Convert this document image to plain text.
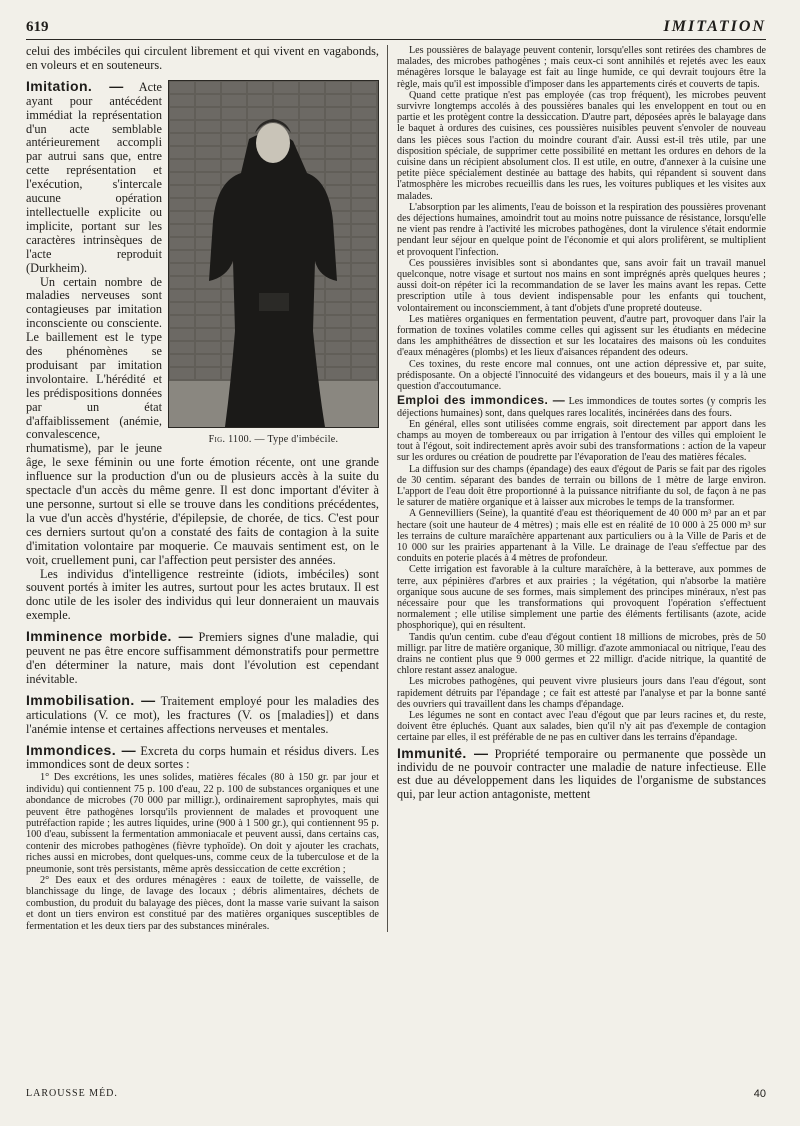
619	IMITATION

celui des imbéciles qui circulent librement et qui vivent en vagabonds, en voleurs et en souteneurs.

Fig. 1100. — Type d'imbécile.

Imitation. — Acte ayant pour antécédent immédiat la représentation d'un acte semblable antérieurement accompli par autrui sans que, entre cette représentation et l'exécution, s'intercale aucune opération intellectuelle explicite ou implicite, portant sur les caractères intrinsèques de l'acte reproduit (Durkheim).

Un certain nombre de maladies nerveuses sont contagieuses par imitation inconsciente ou consciente. Le baillement est le type des phénomènes se produisant par imitation involontaire. L'hérédité et les prédispositions données par un état d'affaiblissement (anémie, convalescence, rhumatisme), par le jeune âge, le sexe féminin ou une forte émotion récente, ont une grande influence sur la production d'un ou de plusieurs accès à la suite du spectacle d'un accès du même genre. Il est donc important d'éviter à une personne, surtout si elle se trouve dans les conditions précédentes, la vue d'un accès d'hystérie, d'épilepsie, de chorée, de tics. C'est pour ces derniers surtout qu'on a constaté des faits de contagion à la suite d'imitation volontaire par moquerie. Ce mauvais sentiment est, on le voit, cruellement puni, car l'affection peut persister des années.

Les individus d'intelligence restreinte (idiots, imbéciles) sont souvent portés à imiter les autres, surtout pour les actes brutaux. Il est donc utile de les isoler des individus qui leur donneraient un mauvais exemple.

Imminence morbide. — Premiers signes d'une maladie, qui peuvent ne pas être encore suffisamment démonstratifs pour permettre d'en déterminer la nature, mais dont l'évolution est cependant inévitable.

Immobilisation. — Traitement employé pour les maladies des articulations (V. ce mot), les fractures (V. os [maladies]) et dans l'anémie intense et certaines affections nerveuses et mentales.

Immondices. — Excreta du corps humain et résidus divers. Les immondices sont de deux sortes :

1° Des excrétions, les unes solides, matières fécales (80 à 150 gr. par jour et individu) qui contiennent 75 p. 100 d'eau, 22 p. 100 de substances organiques et une abondance de microbes (70 000 par milligr.), ordinairement saprophytes, mais qui peuvent être pathogènes lorsqu'ils proviennent de malades et provoquent une putréfaction rapide ; les autres liquides, urine (900 à 1 500 gr.), qui contiennent 95 p. 100 d'eau, subissent la fermentation ammoniacale et peuvent aussi, dans certains cas, contenir des microbes pathogènes (fièvre typhoïde). On doit y ajouter les crachats, riches aussi en microbes, dont quelques-uns, comme ceux de la tuberculose et de la pneumonie, sont très persistants, même après dessiccation de cette excrétion ;

2° Des eaux et des ordures ménagères : eaux de toilette, de vaisselle, de blanchissage du linge, de lavage des locaux ; débris alimentaires, déchets de combustion, du produit du balayage des pièces, dont la masse varie suivant la saison et dont un tiers environ est constitué par des matières organiques susceptibles de fermentation et les deux tiers par des substances minérales.

Les poussières de balayage peuvent contenir, lorsqu'elles sont retirées des chambres de malades, des microbes pathogènes ; mais ceux-ci sont annihilés et rejetés avec les eaux ménagères lorsque le balayage est fait au linge humide, ce qui devrait toujours être la règle, mais qu'il est impossible d'imposer dans les appartements cirés et couverts de tapis.

Quand cette pratique n'est pas employée (cas trop fréquent), les microbes peuvent survivre longtemps accolés à des poussières banales qui les enveloppent en tout ou en partie et les protègent contre la dessiccation. D'autre part, déposées après le balayage dans le baquet à ordures des cuisines, ces poussières nuisibles peuvent s'envoler de nouveau dans les pièces sous l'action du moindre courant d'air. Aussi est-il très utile, par une disposition spéciale, de supprimer cette possibilité en mettant les ordures en dehors de la cuisine dans un récipient absolument clos. Il est utile, en outre, d'annexer à la cuisine une petite pièce spécialement destinée au battage des habits, qui répandent si souvent dans l'atmosphère les microbes recueillis dans les rues, les voitures publiques et les visites aux malades.

L'absorption par les aliments, l'eau de boisson et la respiration des poussières provenant des déjections humaines, amoindrit tout au moins notre puissance de résistance, lorsqu'elle ne vient pas rendre à l'activité les microbes pathogènes, dont la virulence s'était endormie pendant leur séjour en quelque point de l'économie et qui alors prolifèrent, se multiplient et provoquent l'infection.

Ces poussières invisibles sont si abondantes que, sans avoir fait un travail manuel quelconque, notre visage et surtout nos mains en sont imprégnés après quelques heures ; aussi doit-on répéter ici la recommandation de se laver les mains avant les repas. Cette prescription utile à tous devient indispensable pour les enfants qui touchent, volontairement ou inconsciemment, à tant d'objets d'une propreté douteuse.

Les matières organiques en fermentation peuvent, d'autre part, provoquer dans l'air la formation de toxines volatiles comme celles qui agissent sur les étudiants en médecine dans les amphithéâtres de dissection et sur les locataires des maisons où les conduites d'eaux ménagères (plombs) et les lieux d'aisances répandent des odeurs.

Ces toxines, du reste encore mal connues, ont une action dépressive et, par suite, prédisposante. On a objecté l'innocuité des vidangeurs et des boueurs, mais il y a là une question d'accoutumance.

Emploi des immondices. — Les immondices de toutes sortes (y compris les déjections humaines) sont, dans quelques rares localités, incinérées dans des fours.

En général, elles sont utilisées comme engrais, soit directement par apport dans les champs au moyen de tombereaux ou par irrigation à l'entour des villes qui emploient le tout à l'égout, soit indirectement après avoir subi des transformations : action de la vapeur sur les ordures ou création de poudrette par l'évaporation de l'eau des matières fécales.

La diffusion sur des champs (épandage) des eaux d'égout de Paris se fait par des rigoles de 30 centim. séparant des bandes de terrain ou billons de 1 mètre de large environ. L'apport de l'eau doit être proportionné à la puissance nitrifiante du sol, de façon à ne pas le saturer de matière organique et à laisser aux microbes le temps de la transformer.

A Gennevilliers (Seine), la quantité d'eau est théoriquement de 40 000 m³ par an et par hectare (soit une hauteur de 4 mètres) ; mais elle est en réalité de 10 000 à 25 000 m³ sur les terrains de culture maraîchère appartenant aux particuliers ou à la Ville de Paris et de 10 000 sur les prairies appartenant à la Ville. Le drainage de l'eau s'effectue par des conduits en poterie placés à 4 mètres de profondeur.

Cette irrigation est favorable à la culture maraîchère, à la betterave, aux pommes de terre, aux pépinières d'arbres et aux prairies ; la végétation, qui n'absorbe la matière organique sous aucune de ses formes, mais simplement des principes minéraux, n'est pas nécessaire pour que les transformations qui provoquent l'opération s'effectuent normalement ; elle utilise simplement une partie des éléments fertilisants (azote, acide phosphorique), qui en résultent.

Tandis qu'un centim. cube d'eau d'égout contient 18 millions de microbes, près de 50 milligr. par litre de matière organique, 30 milligr. d'azote ammoniacal ou nitrique, l'eau des drains ne contient plus que 9 000 germes et 22 milligr. d'acide nitrique, la quantité de chlore restant assez analogue.

Les microbes pathogènes, qui peuvent vivre plusieurs jours dans l'eau d'égout, sont rapidement détruits par l'épandage ; ce fait est attesté par l'analyse et par la bonne santé des ouvriers qui travaillent dans les champs d'épandage.

Les légumes ne sont en contact avec l'eau d'égout que par leurs racines et, du reste, doivent être épluchés. Quant aux salades, bien qu'il n'y ait pas d'exemple de contagion certaine par elles, il est préférable de ne pas en cultiver dans les terrains d'épandage.

Immunité. — Propriété temporaire ou permanente que possède un individu de ne pouvoir contracter une maladie de nature infectieuse. Elle est due au développement dans les liquides de l'organisme de substances qui, par leur action antagoniste, mettent

LAROUSSE MÉD.	40
